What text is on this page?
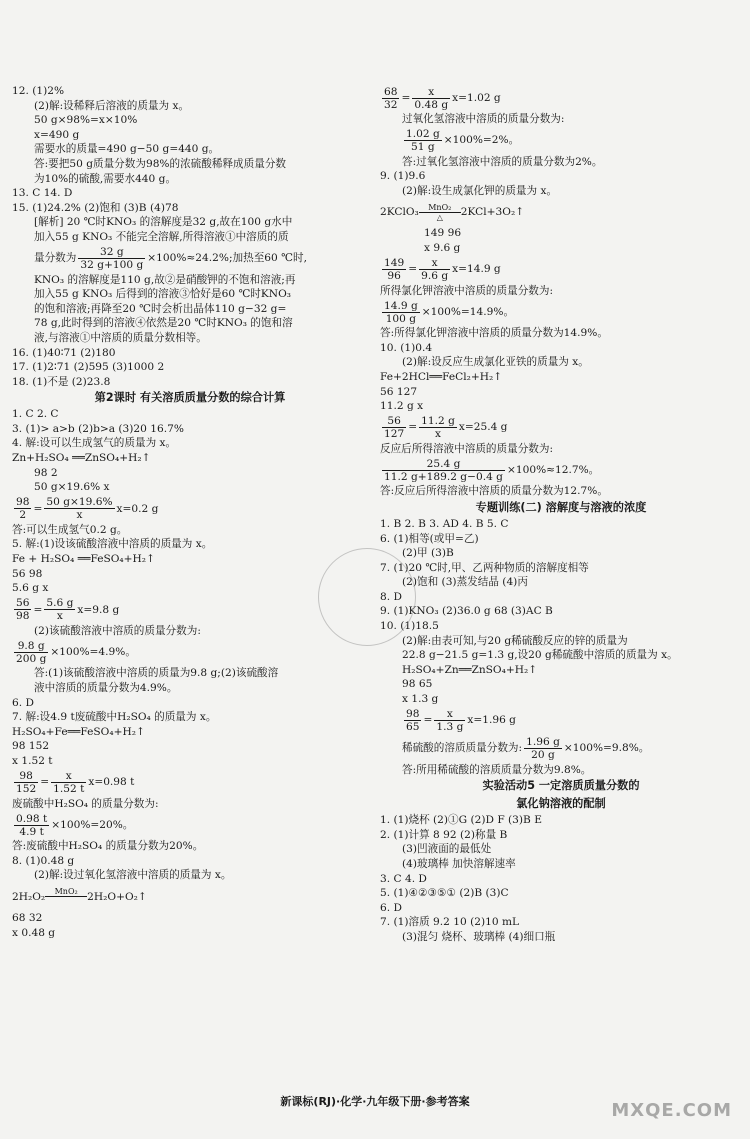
12. (1)2%
(2)解:设稀释后溶液的质量为 x。
50 g×98%=x×10%
x=490 g
需要水的质量=490 g−50 g=440 g。
答:要把50 g质量分数为98%的浓硫酸稀释成质量分数
为10%的硫酸,需要水440 g。
13. C 14. D
15. (1)24.2% (2)饱和 (3)B (4)78
[解析] 20 ℃时KNO₃ 的溶解度是32 g,故在100 g水中
加入55 g KNO₃ 不能完全溶解,所得溶液①中溶质的质
量分数为 $\frac{32 g}{32 g+100 g} \times 100\%\approx 24.2\%$;加热至60 ℃时,
KNO₃ 的溶解度是110 g,故②是硝酸钾的不饱和溶液;再
加入55 g KNO₃ 后得到的溶液③恰好是60 ℃时KNO₃
的饱和溶液;再降至20 ℃时会析出晶体110 g−32 g=
78 g,此时得到的溶液④依然是20 ℃时KNO₃ 的饱和溶
液,与溶液①中溶质的质量分数相等。
16. (1)40∶71 (2)180
17. (1)2∶71 (2)595 (3)1000 2
18. (1)不是 (2)23.8
第2课时 有关溶质质量分数的综合计算
1. C 2. C
3. (1)> a>b (2)b>a (3)20 16.7%
4. 解:设可以生成氢气的质量为 x。
Zn+H₂SO₄ ══ZnSO₄+H₂↑
98 2
50 g×19.6% x
$\frac{98}{2} = \frac{50 g\times 19.6\%}{x} x=0.2$ g
答:可以生成氢气0.2 g。
5. 解:(1)设该硫酸溶液中溶质的质量为 x。
Fe + H₂SO₄ ══FeSO₄+H₂↑
56 98
5.6 g x
$\frac{56}{98} = \frac{5.6 g}{x} x=9.8$ g
(2)该硫酸溶液中溶质的质量分数为:
$\frac{9.8 g}{200 g} \times 100\%=4.9\%$。
答:(1)该硫酸溶液中溶质的质量为9.8 g;(2)该硫酸溶
液中溶质的质量分数为4.9%。
6. D
7. 解:设4.9 t废硫酸中H₂SO₄ 的质量为 x。
H₂SO₄+Fe══FeSO₄+H₂↑
98 152
x 1.52 t
$\frac{98}{152} = \frac{x}{1.52 t} x=0.98$ t
废硫酸中H₂SO₄ 的质量分数为:
$\frac{0.98 t}{4.9 t} \times 100\%=20\%$。
答:废硫酸中H₂SO₄ 的质量分数为20%。
8. (1)0.48 g
(2)解:设过氧化氢溶液中溶质的质量为 x。
2H₂O₂ MnO₂
2H₂O+O₂↑
68 32
x 0.48 g
$\frac{68}{32} = \frac{x}{0.48 g} x=1.02$ g
过氧化氢溶液中溶质的质量分数为:
$\frac{1.02 g}{51 g} \times 100\%=2\%$。
答:过氧化氢溶液中溶质的质量分数为2%。
9. (1)9.6
(2)解:设生成氯化钾的质量为 x。
2KClO₃ MnO₂
△ 2KCl+3O₂↑
149 96
x 9.6 g
$\frac{149}{96} = \frac{x}{9.6 g} x=14.9$ g
所得氯化钾溶液中溶质的质量分数为:
$\frac{14.9 g}{100 g} \times 100\%=14.9\%$。
答:所得氯化钾溶液中溶质的质量分数为14.9%。
10. (1)0.4
(2)解:设反应生成氯化亚铁的质量为 x。
Fe+2HCl══FeCl₂+H₂↑
56 127
11.2 g x
$\frac{56}{127} = \frac{11.2 g}{x} x=25.4$ g
反应后所得溶液中溶质的质量分数为:
$\frac{25.4 g}{11.2 g+189.2 g-0.4 g} \times 100\%\approx 12.7\%$。
答:反应后所得溶液中溶质的质量分数为12.7%。
专题训练(二) 溶解度与溶液的浓度
1. B 2. B 3. AD 4. B 5. C
6. (1)相等(或甲=乙)
(2)甲 (3)B
7. (1)20 ℃时,甲、乙两种物质的溶解度相等
(2)饱和 (3)蒸发结晶 (4)丙
8. D
9. (1)KNO₃ (2)36.0 g 68 (3)AC B
10. (1)18.5
(2)解:由表可知,与20 g稀硫酸反应的锌的质量为
22.8 g−21.5 g=1.3 g,设20 g稀硫酸中溶质的质量为 x。
H₂SO₄+Zn══ZnSO₄+H₂↑
98 65
x 1.3 g
$\frac{98}{65} = \frac{x}{1.3 g} x=1.96$ g
稀硫酸的溶质质量分数为: $\frac{1.96 g}{20 g} \times 100\%=9.8\%$。
答:所用稀硫酸的溶质质量分数为9.8%。
实验活动5 一定溶质质量分数的
氯化钠溶液的配制
1. (1)烧杯 (2)①G (2)D F (3)B E
2. (1)计算 8 92 (2)称量 B
(3)凹液面的最低处
(4)玻璃棒 加快溶解速率
3. C 4. D
5. (1)④②③⑤① (2)B (3)C
6. D
7. (1)溶质 9.2 10 (2)10 mL
(3)混匀 烧杯、玻璃棒 (4)细口瓶
MXQE.COM
新课标(RJ)·化学·九年级下册·参考答案
